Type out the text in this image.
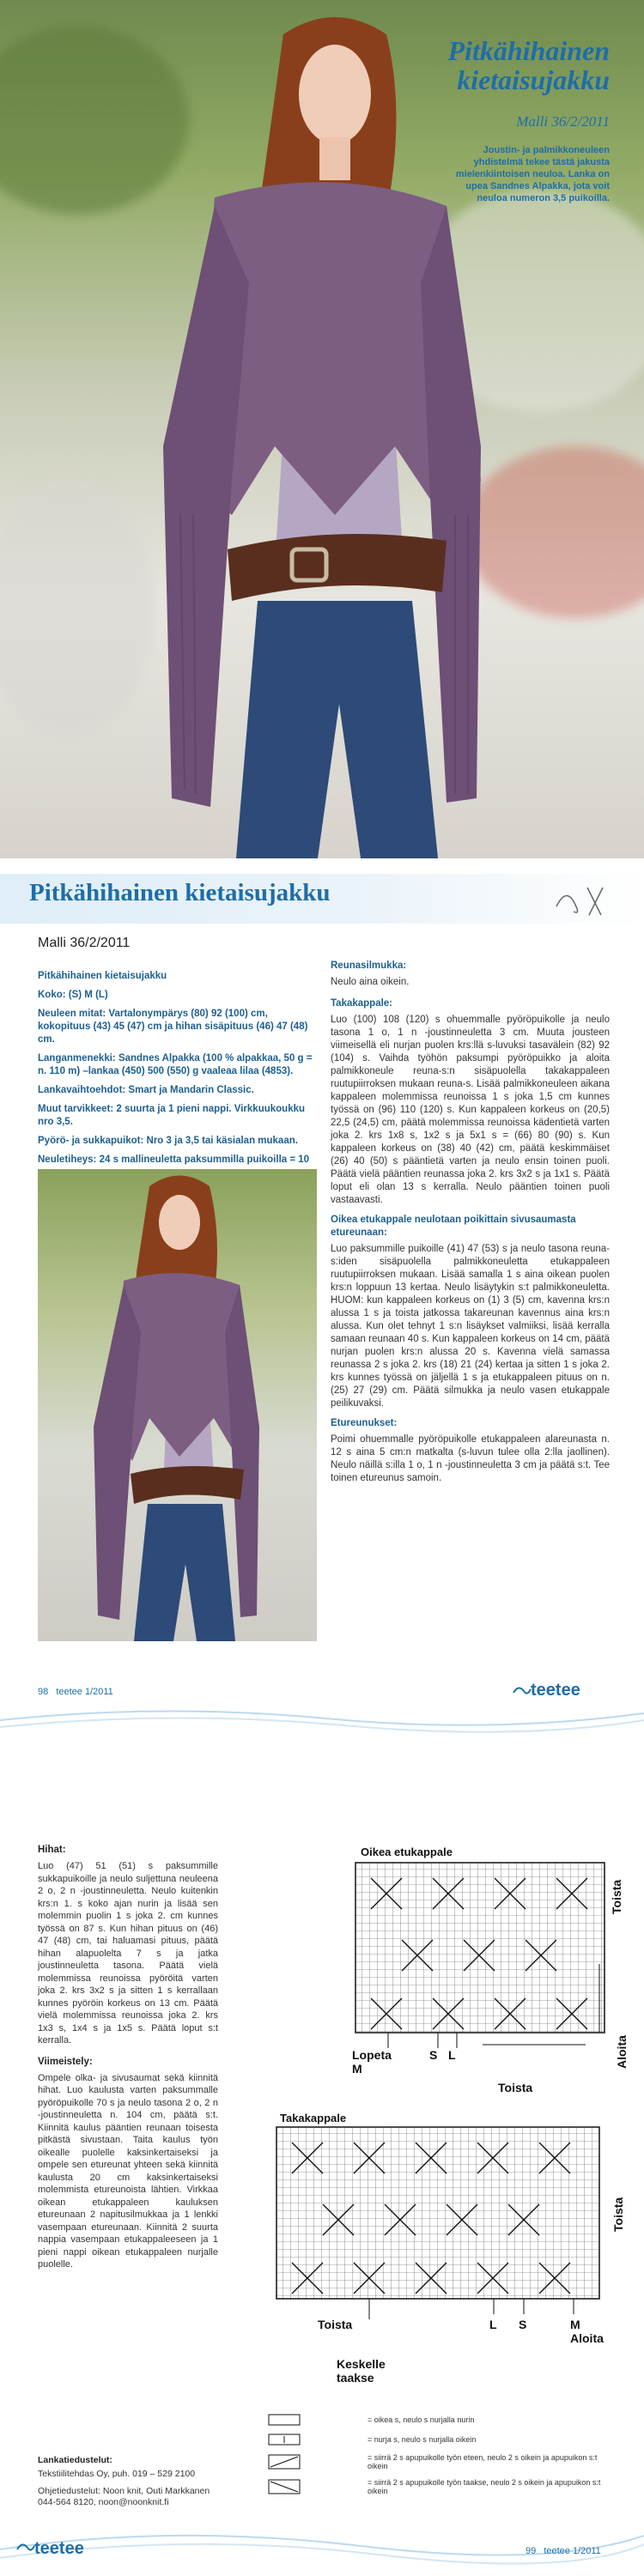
Pitkähihainen
kietaisujakku
Malli 36/2/2011
Joustin- ja palmikkoneuleen yhdistelmä tekee tästä jakusta mielenkiintoisen neuloa. Lanka on upea Sandnes Alpakka, jota voit neuloa numeron 3,5 puikoilla.
Pitkähihainen kietaisujakku
Malli 36/2/2011
Pitkähihainen kietaisujakku
Koko: (S) M (L)
Neuleen mitat: Vartalonympärys (80) 92 (100) cm, kokopituus (43) 45 (47) cm ja hihan sisäpituus (46) 47 (48) cm.
Langanmenekki: Sandnes Alpakka (100 % alpakkaa, 50 g = n. 110 m) –lankaa (450) 500 (550) g vaaleaa lilaa (4853).
Lankavaihtoehdot: Smart ja Mandarin Classic.
Muut tarvikkeet: 2 suurta ja 1 pieni nappi. Virkkuukoukku nro 3,5.
Pyörö- ja sukkapuikot: Nro 3 ja 3,5 tai käsialan mukaan.
Neuletiheys: 24 s mallineuletta paksummilla puikoilla = 10
Reunasilmukka:
Neulo aina oikein.
Takakappale:
Luo (100) 108 (120) s ohuemmalle pyöröpuikolle ja neulo tasona 1 o, 1 n -joustinneuletta 3 cm. Muuta jousteen viimeisellä eli nurjan puolen krs:llä s-luvuksi tasavälein (82) 92 (104) s. Vaihda työhön paksumpi pyöröpuikko ja aloita palmikkoneule reuna-s:n sisäpuolella takakappaleen ruutupiirroksen mukaan reuna-s. Lisää palmikkoneuleen aikana kappaleen molemmissa reunoissa 1 s joka 1,5 cm kunnes työssä on (96) 110 (120) s. Kun kappaleen korkeus on (20,5) 22,5 (24,5) cm, päätä molemmissa reunoissa kädentietä varten joka 2. krs 1x8 s, 1x2 s ja 5x1 s = (66) 80 (90) s. Kun kappaleen korkeus on (38) 40 (42) cm, päätä keskimmäiset (26) 40 (50) s pääntietä varten ja neulo ensin toinen puoli. Päätä vielä pääntien reunassa joka 2. krs 3x2 s ja 1x1 s. Päätä loput eli olan 13 s kerralla. Neulo pääntien toinen puoli vastaavasti.
Oikea etukappale neulotaan poikittain sivusaumasta etureunaan:
Luo paksummille puikoille (41) 47 (53) s ja neulo tasona reuna-s:iden sisäpuolella palmikkoneuletta etukappaleen ruutupiirroksen mukaan. Lisää samalla 1 s aina oikean puolen krs:n loppuun 13 kertaa. Neulo lisäytykin s:t palmikkoneuletta. HUOM: kun kappaleen korkeus on (1) 3 (5) cm, kavenna krs:n alussa 1 s ja toista jatkossa takareunan kavennus aina krs:n alussa. Kun olet tehnyt 1 s:n lisäykset valmiiksi, lisää kerralla samaan reunaan 40 s. Kun kappaleen korkeus on 14 cm, päätä nurjan puolen krs:n alussa 20 s. Kavenna vielä samassa reunassa 2 s joka 2. krs (18) 21 (24) kertaa ja sitten 1 s joka 2. krs kunnes työssä on jäljellä 1 s ja etukappaleen pituus on n. (25) 27 (29) cm. Päätä silmukka ja neulo vasen etukappale peilikuvaksi.
Etureunukset:
Poimi ohuemmalle pyöröpuikolle etukappaleen alareunasta n. 12 s aina 5 cm:n matkalta (s-luvun tulee olla 2:lla jaollinen). Neulo näillä s:illa 1 o, 1 n -joustinneuletta 3 cm ja päätä s:t. Tee toinen etureunus samoin.
98 teetee 1/2011	teetee
Hihat:
Luo (47) 51 (51) s paksummille sukkapuikoille ja neulo suljettuna neuleena 2 o, 2 n -joustinneuletta. Neulo kuitenkin krs:n 1. s koko ajan nurin ja lisää sen molemmin puolin 1 s joka 2. cm kunnes työssä on 87 s. Kun hihan pituus on (46) 47 (48) cm, tai haluamasi pituus, päätä hihan alapuolelta 7 s ja jatka joustinneuletta tasona. Päätä vielä molemmissa reunoissa pyöröitä varten joka 2. krs 3x2 s ja sitten 1 s kerrallaan kunnes pyöröin korkeus on 13 cm. Päätä vielä molemmissa reunoissa joka 2. krs 1x3 s, 1x4 s ja 1x5 s. Päätä loput s:t kerralla.
Viimeistely:
Ompele olka- ja sivusaumat sekä kiinnitä hihat. Luo kaulusta varten paksummalle pyöröpuikolle 70 s ja neulo tasona 2 o, 2 n -joustinneuletta n. 104 cm, päätä s:t. Kiinnitä kaulus pääntien reunaan toisesta pitkästä sivustaan. Taita kaulus työn oikealle puolelle kaksinkertaiseksi ja ompele sen etureunat yhteen sekä kiinnitä kaulusta 20 cm kaksinkertaiseksi molemmista etureunoista lähtien. Virkkaa oikean etukappaleen kauluksen etureunaan 2 napitusilmukkaa ja 1 lenkki vasempaan etureunaan. Kiinnitä 2 suurta nappia vasempaan etukappaleeseen ja 1 pieni nappi oikean etukappaleen nurjalle puolelle.
Oikea etukappale
Toista
Aloita
Lopeta
M
S L
Toista
Takakappale
Toista
Toista	L S	M
Aloita
Keskelle taakse
= oikea s, neulo s nurjalla nurin
= nurja s, neulo s nurjalla oikein
= siirrä 2 s apupuikolle työn eteen, neulo 2 s oikein ja apupuikon s:t oikein
= siirrä 2 s apupuikolle työn taakse, neulo 2 s oikein ja apupuikon s:t oikein
Lankatiedustelut:
Tekstiilitehdas Oy, puh. 019 – 529 2100
Ohjetiedustelut: Noon knit, Outi Markkanen 044-564 8120, noon@noonknit.fi
teetee	99 teetee 1/2011
